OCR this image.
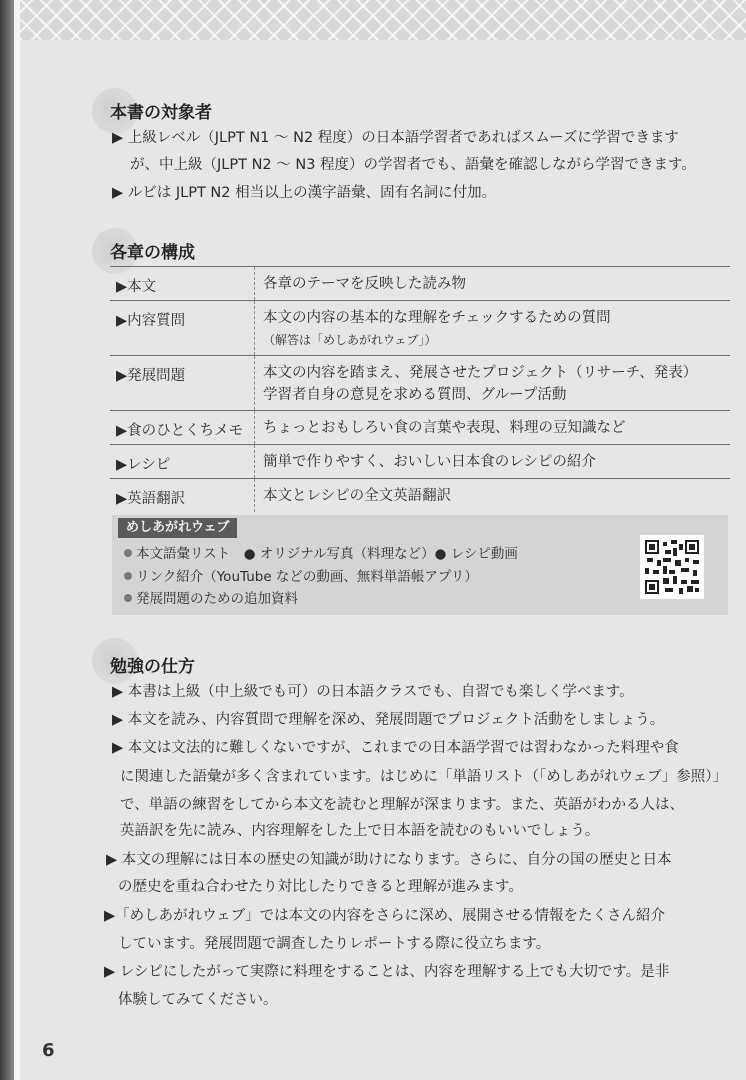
本書の対象者
▶ 上級レベル（JLPT N1 ～ N2 程度）の日本語学習者であればスムーズに学習できます
が、中上級（JLPT N2 ～ N3 程度）の学習者でも、語彙を確認しながら学習できます。
▶ ルビは JLPT N2 相当以上の漢字語彙、固有名詞に付加。
各章の構成
▶本文	各章のテーマを反映した読み物
▶内容質問	本文の内容の基本的な理解をチェックするための質問
（解答は「めしあがれウェブ」）
▶発展問題	本文の内容を踏まえ、発展させたプロジェクト（リサーチ、発表）
学習者自身の意見を求める質問、グループ活動
▶食のひとくちメモ	ちょっとおもしろい食の言葉や表現、料理の豆知識など
▶レシピ	簡単で作りやすく、おいしい日本食のレシピの紹介
▶英語翻訳	本文とレシピの全文英語翻訳
めしあがれウェブ
本文語彙リスト　● オリジナル写真（料理など）● レシピ動画
リンク紹介（YouTube などの動画、無料単語帳アプリ）
発展問題のための追加資料
勉強の仕方
▶ 本書は上級（中上級でも可）の日本語クラスでも、自習でも楽しく学べます。
▶ 本文を読み、内容質問で理解を深め、発展問題でプロジェクト活動をしましょう。
▶ 本文は文法的に難しくないですが、これまでの日本語学習では習わなかった料理や食
に関連した語彙が多く含まれています。はじめに「単語リスト（「めしあがれウェブ」参照）」
で、単語の練習をしてから本文を読むと理解が深まります。また、英語がわかる人は、
英語訳を先に読み、内容理解をした上で日本語を読むのもいいでしょう。
▶ 本文の理解には日本の歴史の知識が助けになります。さらに、自分の国の歴史と日本
の歴史を重ね合わせたり対比したりできると理解が進みます。
▶「めしあがれウェブ」では本文の内容をさらに深め、展開させる情報をたくさん紹介
しています。発展問題で調査したりレポートする際に役立ちます。
▶ レシピにしたがって実際に料理をすることは、内容を理解する上でも大切です。是非
体験してみてください。
6
